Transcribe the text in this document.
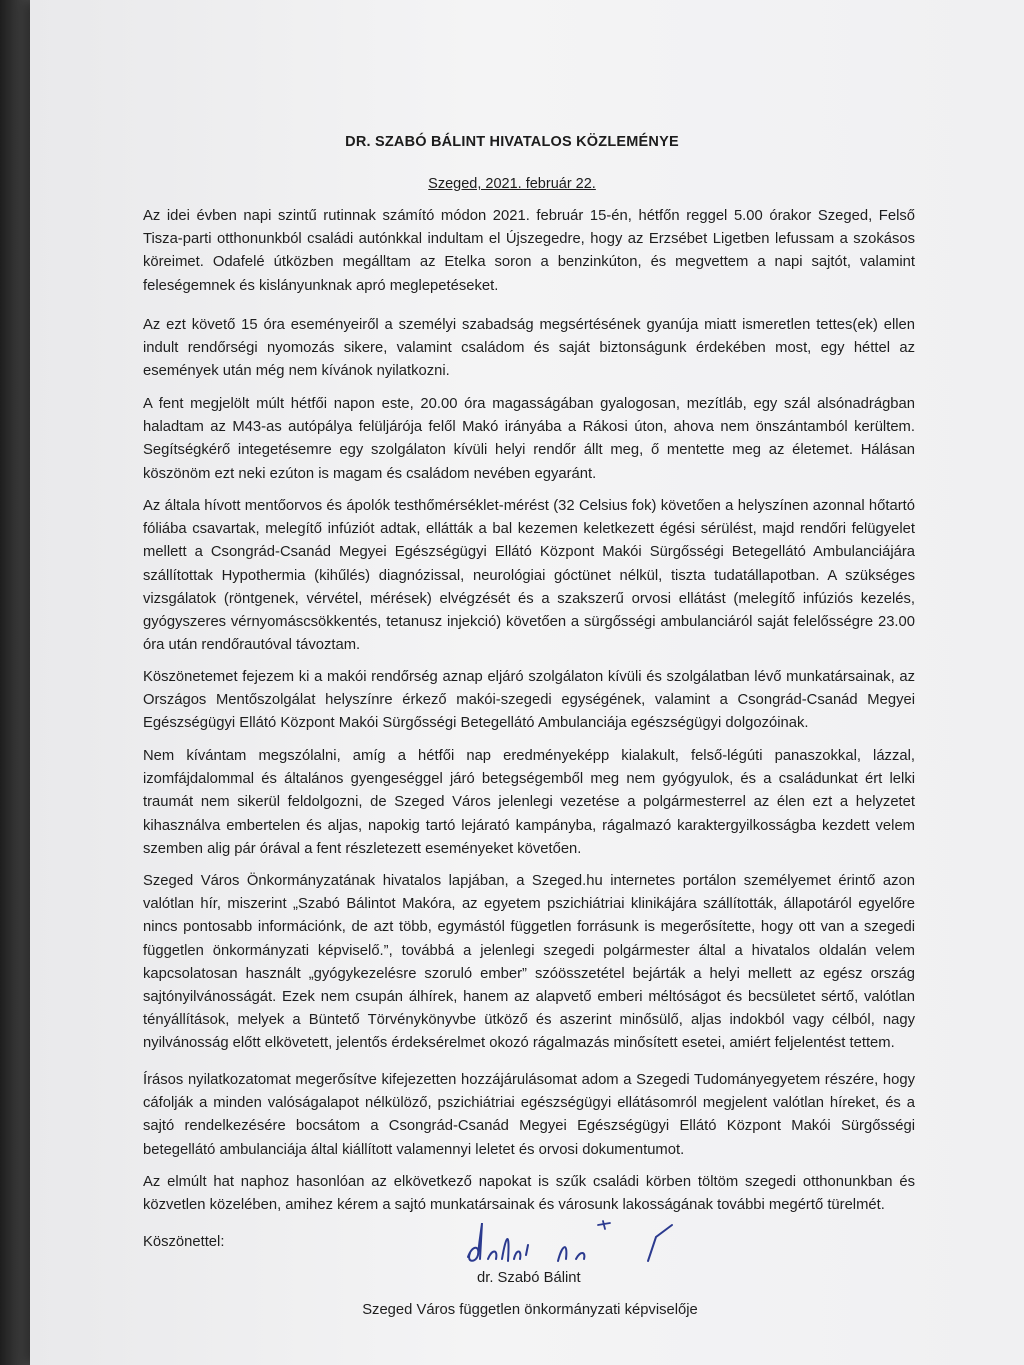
DR. SZABÓ BÁLINT HIVATALOS KÖZLEMÉNYE
Szeged, 2021. február 22.

Az idei évben napi szintű rutinnak számító módon 2021. február 15-én, hétfőn reggel 5.00 órakor Szeged, Felső Tisza-parti otthonunkból családi autónkkal indultam el Újszegedre, hogy az Erzsébet Ligetben lefussam a szokásos köreimet. Odafelé útközben megálltam az Etelka soron a benzinkúton, és megvettem a napi sajtót, valamint feleségemnek és kislányunknak apró meglepetéseket.

Az ezt követő 15 óra eseményeiről a személyi szabadság megsértésének gyanúja miatt ismeretlen tettes(ek) ellen indult rendőrségi nyomozás sikere, valamint családom és saját biztonságunk érdekében most, egy héttel az események után még nem kívánok nyilatkozni.

A fent megjelölt múlt hétfői napon este, 20.00 óra magasságában gyalogosan, mezítláb, egy szál alsónadrágban haladtam az M43-as autópálya felüljárója felől Makó irányába a Rákosi úton, ahova nem önszántamból kerültem. Segítségkérő integetésemre egy szolgálaton kívüli helyi rendőr állt meg, ő mentette meg az életemet. Hálásan köszönöm ezt neki ezúton is magam és családom nevében egyaránt.

Az általa hívott mentőorvos és ápolók testhőmérséklet-mérést (32 Celsius fok) követően a helyszínen azonnal hőtartó fóliába csavartak, melegítő infúziót adtak, ellátták a bal kezemen keletkezett égési sérülést, majd rendőri felügyelet mellett a Csongrád-Csanád Megyei Egészségügyi Ellátó Központ Makói Sürgősségi Betegellátó Ambulanciájára szállítottak Hypothermia (kihűlés) diagnózissal, neurológiai góctünet nélkül, tiszta tudatállapotban. A szükséges vizsgálatok (röntgenek, vérvétel, mérések) elvégzését és a szakszerű orvosi ellátást (melegítő infúziós kezelés, gyógyszeres vérnyomáscsökkentés, tetanusz injekció) követően a sürgősségi ambulanciáról saját felelősségre 23.00 óra után rendőrautóval távoztam.

Köszönetemet fejezem ki a makói rendőrség aznap eljáró szolgálaton kívüli és szolgálatban lévő munkatársainak, az Országos Mentőszolgálat helyszínre érkező makói-szegedi egységének, valamint a Csongrád-Csanád Megyei Egészségügyi Ellátó Központ Makói Sürgősségi Betegellátó Ambulanciája egészségügyi dolgozóinak.

Nem kívántam megszólalni, amíg a hétfői nap eredményeképp kialakult, felső-légúti panaszokkal, lázzal, izomfájdalommal és általános gyengeséggel járó betegségemből meg nem gyógyulok, és a családunkat ért lelki traumát nem sikerül feldolgozni, de Szeged Város jelenlegi vezetése a polgármesterrel az élen ezt a helyzetet kihasználva embertelen és aljas, napokig tartó lejárató kampányba, rágalmazó karaktergyilkosságba kezdett velem szemben alig pár órával a fent részletezett eseményeket követően.

Szeged Város Önkormányzatának hivatalos lapjában, a Szeged.hu internetes portálon személyemet érintő azon valótlan hír, miszerint „Szabó Bálintot Makóra, az egyetem pszichiátriai klinikájára szállították, állapotáról egyelőre nincs pontosabb információnk, de azt több, egymástól független forrásunk is megerősítette, hogy ott van a szegedi független önkormányzati képviselő.”, továbbá a jelenlegi szegedi polgármester által a hivatalos oldalán velem kapcsolatosan használt „gyógykezelésre szoruló ember” szóösszetétel bejárták a helyi mellett az egész ország sajtónyilvánosságát. Ezek nem csupán álhírek, hanem az alapvető emberi méltóságot és becsületet sértő, valótlan tényállítások, melyek a Büntető Törvénykönyvbe ütköző és aszerint minősülő, aljas indokból vagy célból, nagy nyilvánosság előtt elkövetett, jelentős érdeksérelmet okozó rágalmazás minősített esetei, amiért feljelentést tettem.

Írásos nyilatkozatomat megerősítve kifejezetten hozzájárulásomat adom a Szegedi Tudományegyetem részére, hogy cáfolják a minden valóságalapot nélkülöző, pszichiátriai egészségügyi ellátásomról megjelent valótlan híreket, és a sajtó rendelkezésére bocsátom a Csongrád-Csanád Megyei Egészségügyi Ellátó Központ Makói Sürgősségi betegellátó ambulanciája által kiállított valamennyi leletet és orvosi dokumentumot.

Az elmúlt hat naphoz hasonlóan az elkövetkező napokat is szűk családi körben töltöm szegedi otthonunkban és közvetlen közelében, amihez kérem a sajtó munkatársainak és városunk lakosságának további megértő türelmét.

Köszönettel:
dr. Szabó Bálint
Szeged Város független önkormányzati képviselője
